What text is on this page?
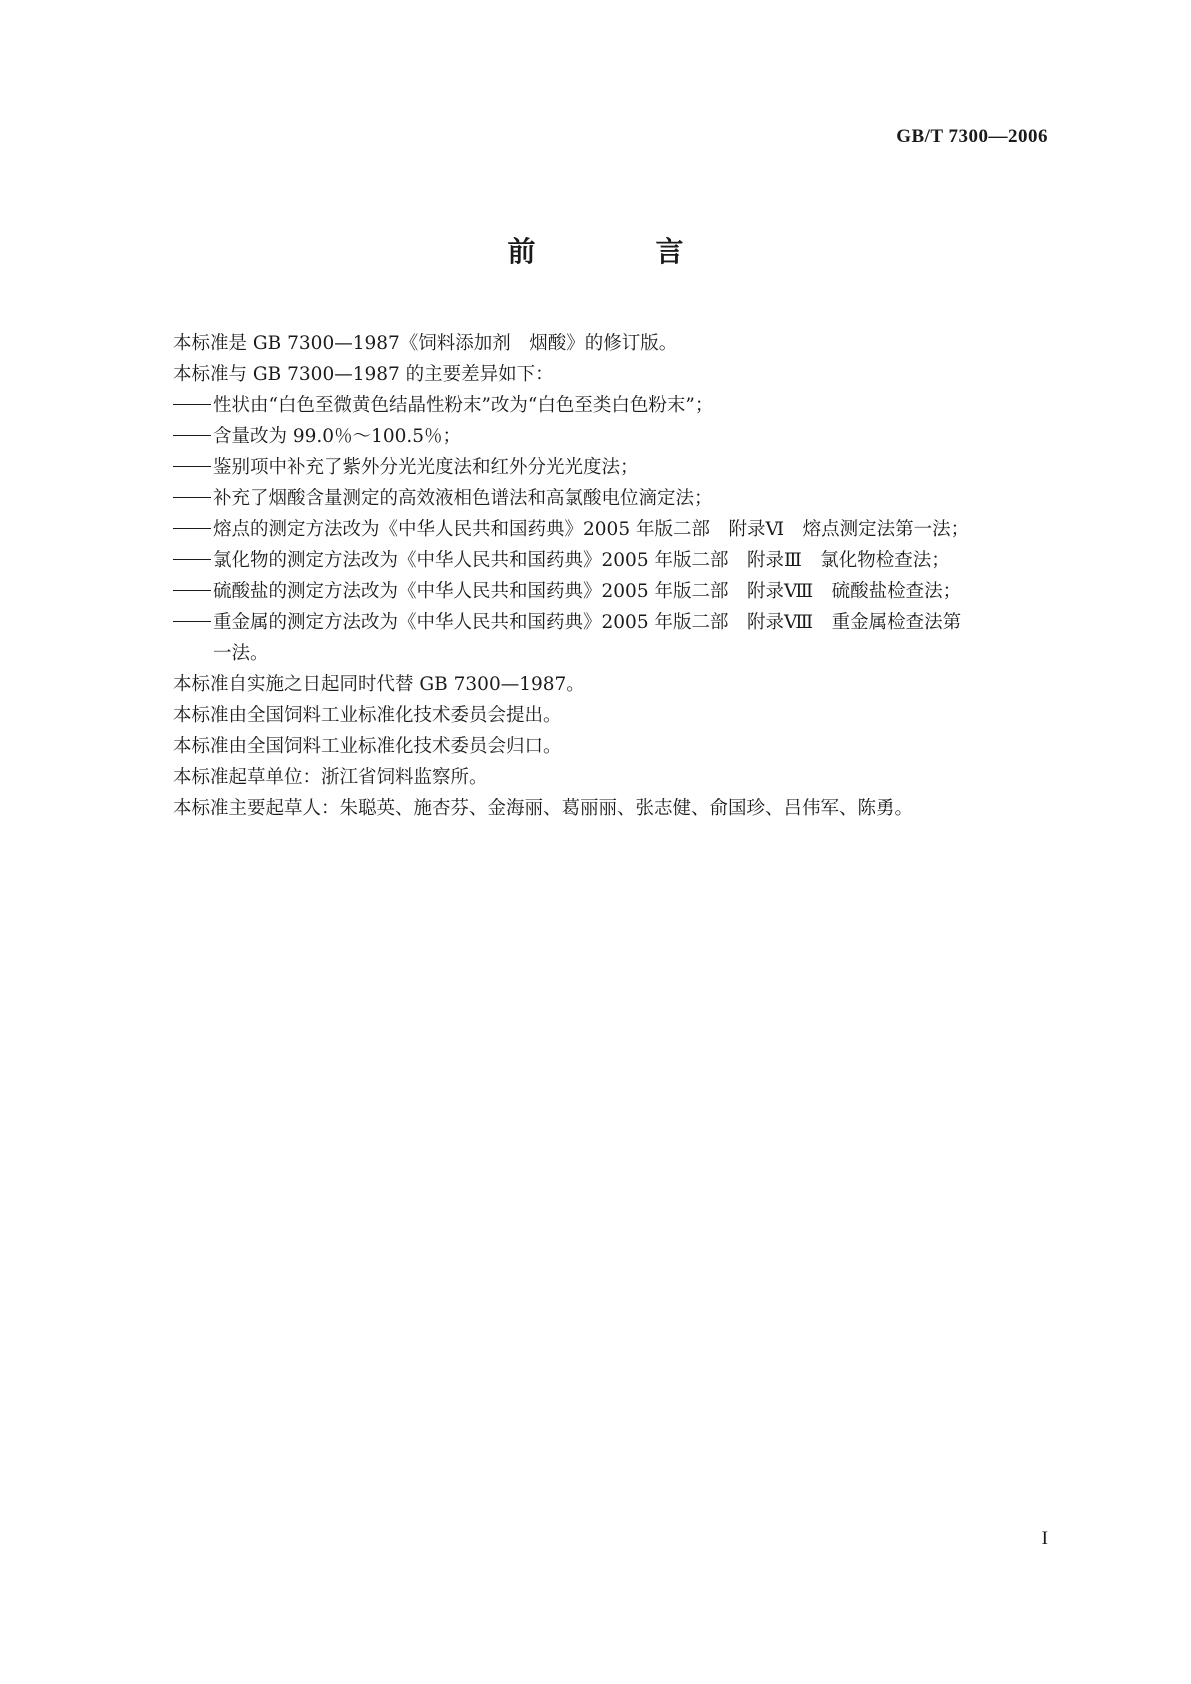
GB/T 7300—2006
前　言
本标准是 GB 7300—1987《饲料添加剂　烟酸》的修订版。
本标准与 GB 7300—1987 的主要差异如下：
性状由“白色至微黄色结晶性粉末”改为“白色至类白色粉末”；
含量改为 99.0％～100.5％；
鉴别项中补充了紫外分光光度法和红外分光光度法；
补充了烟酸含量测定的高效液相色谱法和高氯酸电位滴定法；
熔点的测定方法改为《中华人民共和国药典》2005 年版二部　附录Ⅵ　熔点测定法第一法；
氯化物的测定方法改为《中华人民共和国药典》2005 年版二部　附录Ⅲ　氯化物检查法；
硫酸盐的测定方法改为《中华人民共和国药典》2005 年版二部　附录Ⅷ　硫酸盐检查法；
重金属的测定方法改为《中华人民共和国药典》2005 年版二部　附录Ⅷ　重金属检查法第
一法。
本标准自实施之日起同时代替 GB 7300—1987。
本标准由全国饲料工业标准化技术委员会提出。
本标准由全国饲料工业标准化技术委员会归口。
本标准起草单位：浙江省饲料监察所。
本标准主要起草人：朱聪英、施杏芬、金海丽、葛丽丽、张志健、俞国珍、吕伟军、陈勇。
I
